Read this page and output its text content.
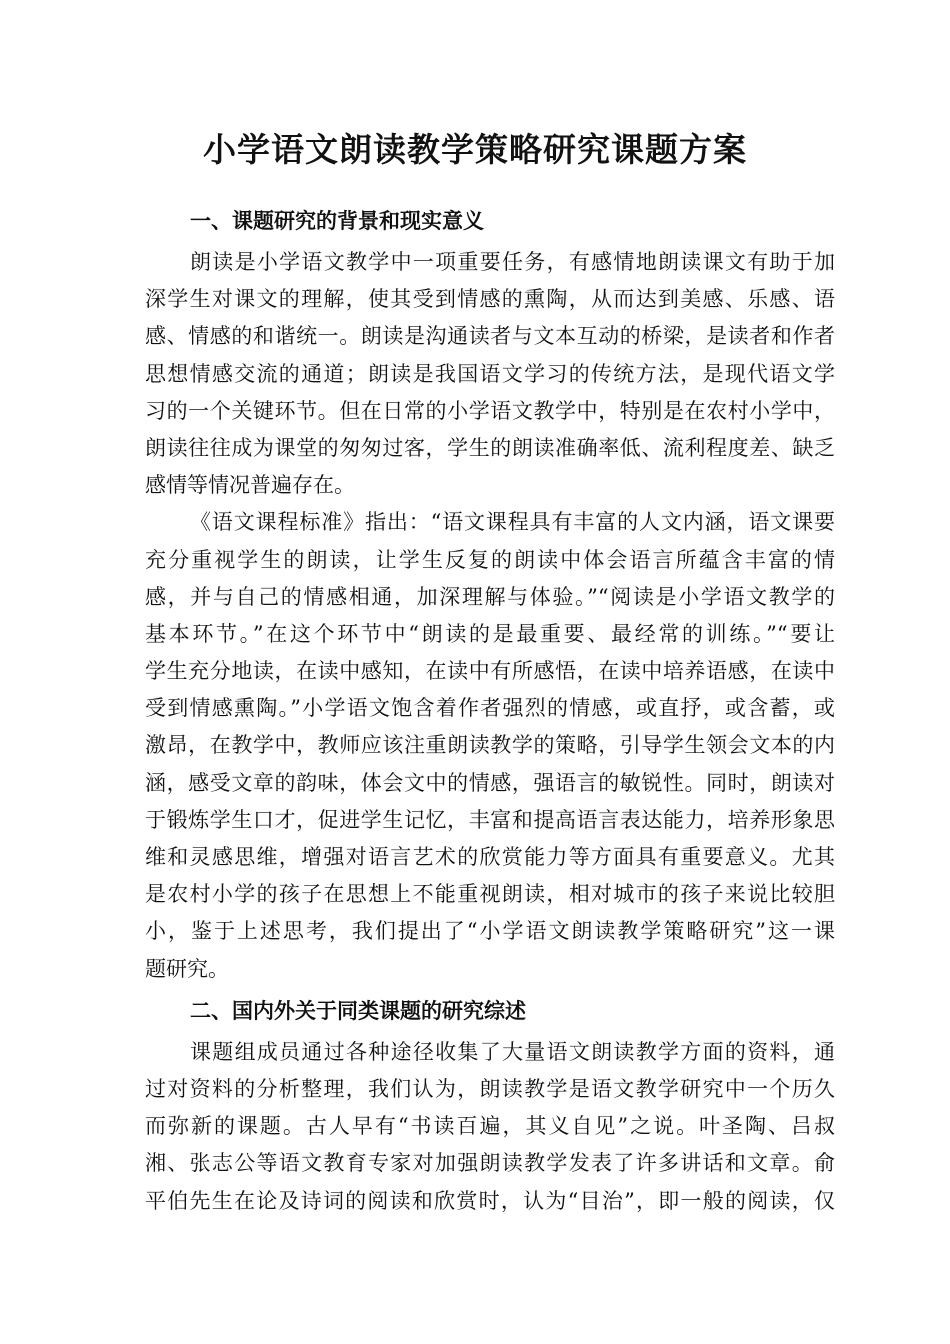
小学语文朗读教学策略研究课题方案
一、课题研究的背景和现实意义
朗读是小学语文教学中一项重要任务，有感情地朗读课文有助于加
深学生对课文的理解，使其受到情感的熏陶，从而达到美感、乐感、语
感、情感的和谐统一。朗读是沟通读者与文本互动的桥梁，是读者和作者
思想情感交流的通道；朗读是我国语文学习的传统方法，是现代语文学
习的一个关键环节。但在日常的小学语文教学中，特别是在农村小学中，
朗读往往成为课堂的匆匆过客，学生的朗读准确率低、流利程度差、缺乏
感情等情况普遍存在。
《语文课程标准》指出：“语文课程具有丰富的人文内涵，语文课要
充分重视学生的朗读，让学生反复的朗读中体会语言所蕴含丰富的情
感，并与自己的情感相通，加深理解与体验。”“阅读是小学语文教学的
基本环节。”在这个环节中“朗读的是最重要、最经常的训练。”“要让
学生充分地读，在读中感知，在读中有所感悟，在读中培养语感，在读中
受到情感熏陶。”小学语文饱含着作者强烈的情感，或直抒，或含蓄，或
激昂，在教学中，教师应该注重朗读教学的策略，引导学生领会文本的内
涵，感受文章的韵味，体会文中的情感，强语言的敏锐性。同时，朗读对
于锻炼学生口才，促进学生记忆，丰富和提高语言表达能力，培养形象思
维和灵感思维，增强对语言艺术的欣赏能力等方面具有重要意义。尤其
是农村小学的孩子在思想上不能重视朗读，相对城市的孩子来说比较胆
小，鉴于上述思考，我们提出了“小学语文朗读教学策略研究”这一课
题研究。
二、国内外关于同类课题的研究综述
课题组成员通过各种途径收集了大量语文朗读教学方面的资料，通
过对资料的分析整理，我们认为，朗读教学是语文教学研究中一个历久
而弥新的课题。古人早有“书读百遍，其义自见”之说。叶圣陶、吕叔
湘、张志公等语文教育专家对加强朗读教学发表了许多讲话和文章。俞
平伯先生在论及诗词的阅读和欣赏时，认为“目治”，即一般的阅读，仅
